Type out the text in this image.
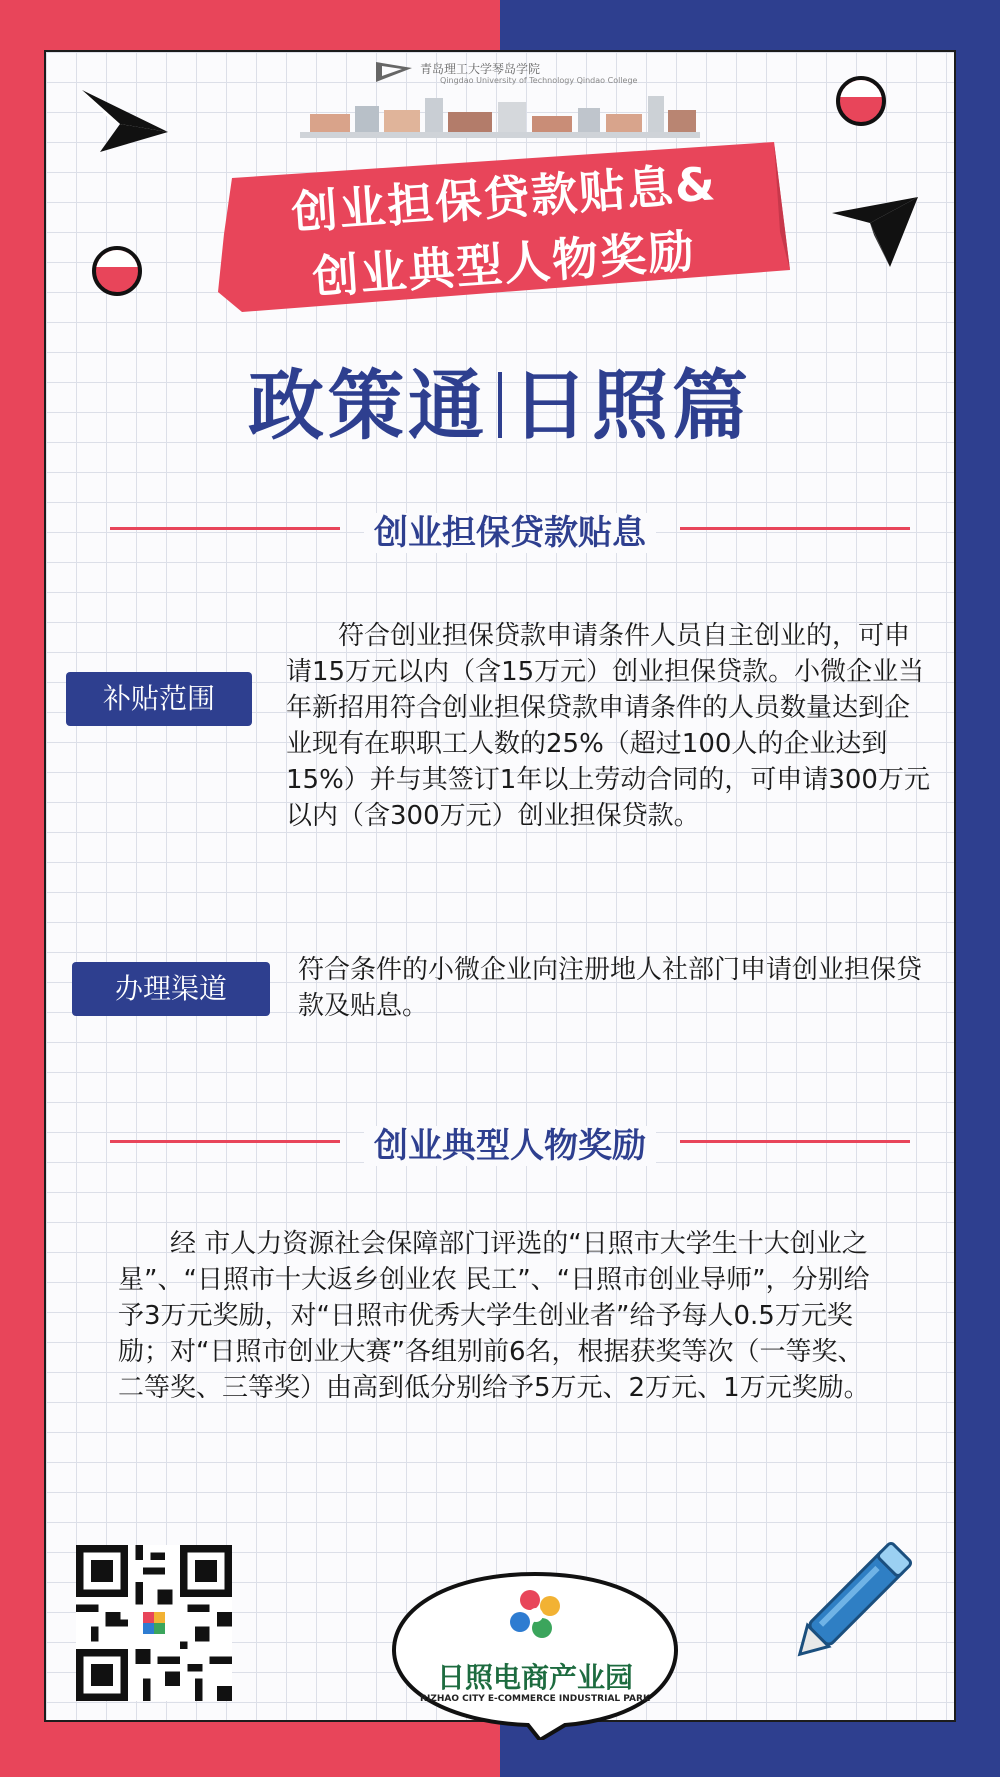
青岛理工大学琴岛学院
Qingdao University of Technology Qindao College
创业担保贷款贴息&
创业典型人物奖励
政策通 日照篇
创业担保贷款贴息
补贴范围
符合创业担保贷款申请条件人员自主创业的，可申请15万元以内（含15万元）创业担保贷款。小微企业当年新招用符合创业担保贷款申请条件的人员数量达到企业现有在职职工人数的25%（超过100人的企业达到15%）并与其签订1年以上劳动合同的，可申请300万元以内（含300万元）创业担保贷款。
办理渠道
符合条件的小微企业向注册地人社部门申请创业担保贷款及贴息。
创业典型人物奖励
经 市人力资源社会保障部门评选的“日照市大学生十大创业之星”、“日照市十大返乡创业农 民工”、“日照市创业导师”，分别给予3万元奖励，对“日照市优秀大学生创业者”给予每人0.5万元奖励；对“日照市创业大赛”各组别前6名，根据获奖等次（一等奖、二等奖、三等奖）由高到低分别给予5万元、2万元、1万元奖励。
日照电商产业园
RIZHAO CITY E-COMMERCE INDUSTRIAL PARK
